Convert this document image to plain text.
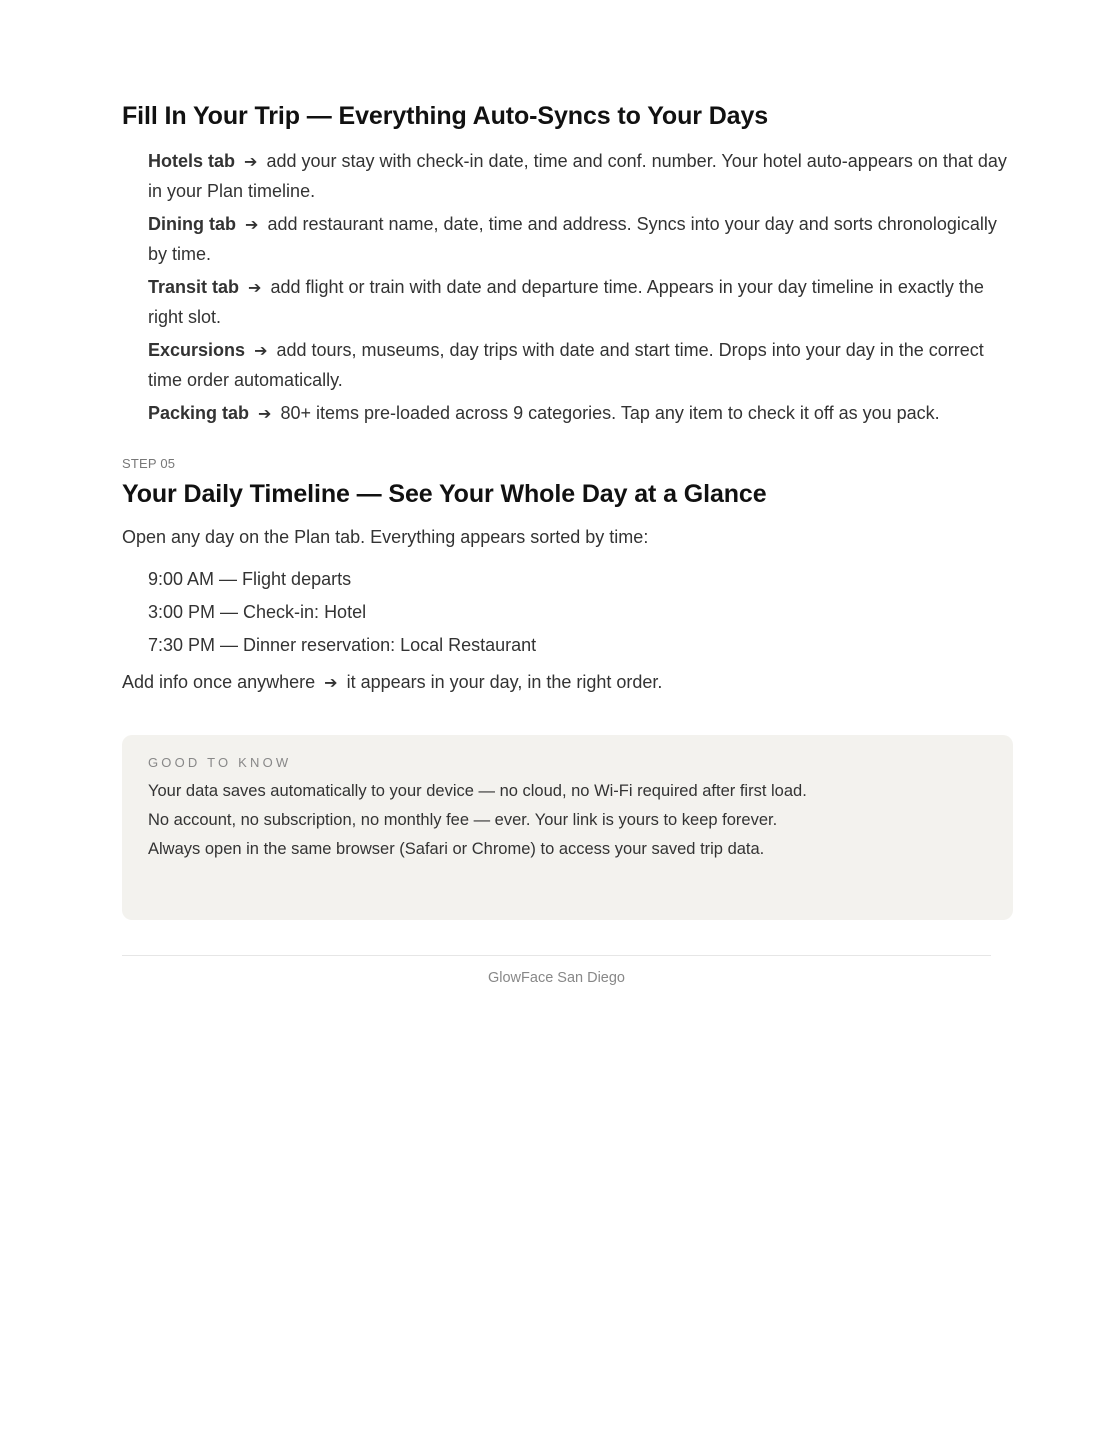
Fill In Your Trip — Everything Auto-Syncs to Your Days
Hotels tab ➔ add your stay with check-in date, time and conf. number. Your hotel auto-appears on that day in your Plan timeline.
Dining tab ➔ add restaurant name, date, time and address. Syncs into your day and sorts chronologically by time.
Transit tab ➔ add flight or train with date and departure time. Appears in your day timeline in exactly the right slot.
Excursions ➔ add tours, museums, day trips with date and start time. Drops into your day in the correct time order automatically.
Packing tab ➔ 80+ items pre-loaded across 9 categories. Tap any item to check it off as you pack.
STEP 05
Your Daily Timeline — See Your Whole Day at a Glance
Open any day on the Plan tab. Everything appears sorted by time:
9:00 AM — Flight departs
3:00 PM — Check-in: Hotel
7:30 PM — Dinner reservation: Local Restaurant
Add info once anywhere ➔ it appears in your day, in the right order.
GOOD TO KNOW
Your data saves automatically to your device — no cloud, no Wi-Fi required after first load.
No account, no subscription, no monthly fee — ever. Your link is yours to keep forever.
Always open in the same browser (Safari or Chrome) to access your saved trip data.
GlowFace San Diego
